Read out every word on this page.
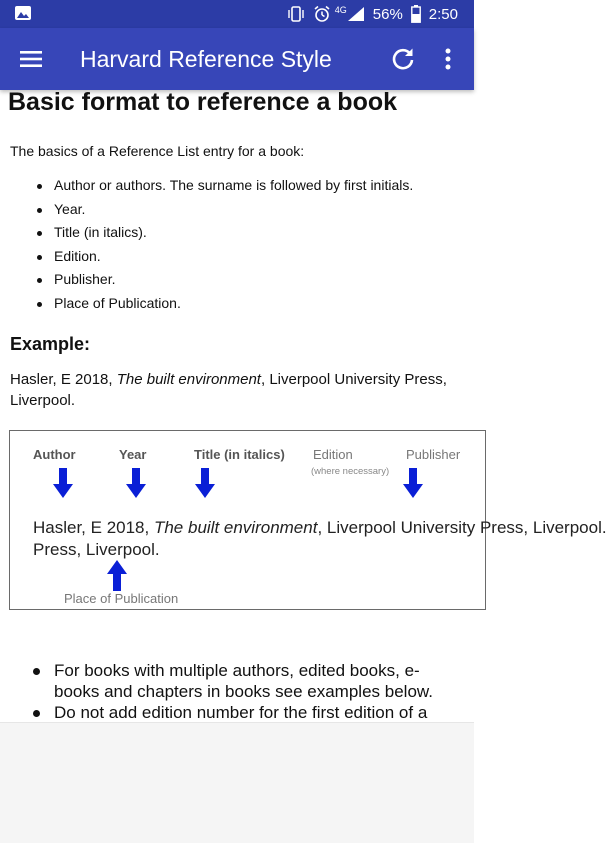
4G 56% 2:50
Harvard Reference Style
Basic format to reference a book

The basics of a Reference List entry for a book:

Author or authors. The surname is followed by first initials.
Year.
Title (in italics).
Edition.
Publisher.
Place of Publication.
Example:

Hasler, E 2018, The built environment, Liverpool University Press, Liverpool.

Author	Year	Title (in italics) Edition
(where necessary)
Publisher
Hasler, E 2018, The built environment, Liverpool University Press, Liverpool.
Press, Liverpool.
Place of Publication
For books with multiple authors, edited books, e-books and chapters in books see examples below.
Do not add edition number for the first edition of a
